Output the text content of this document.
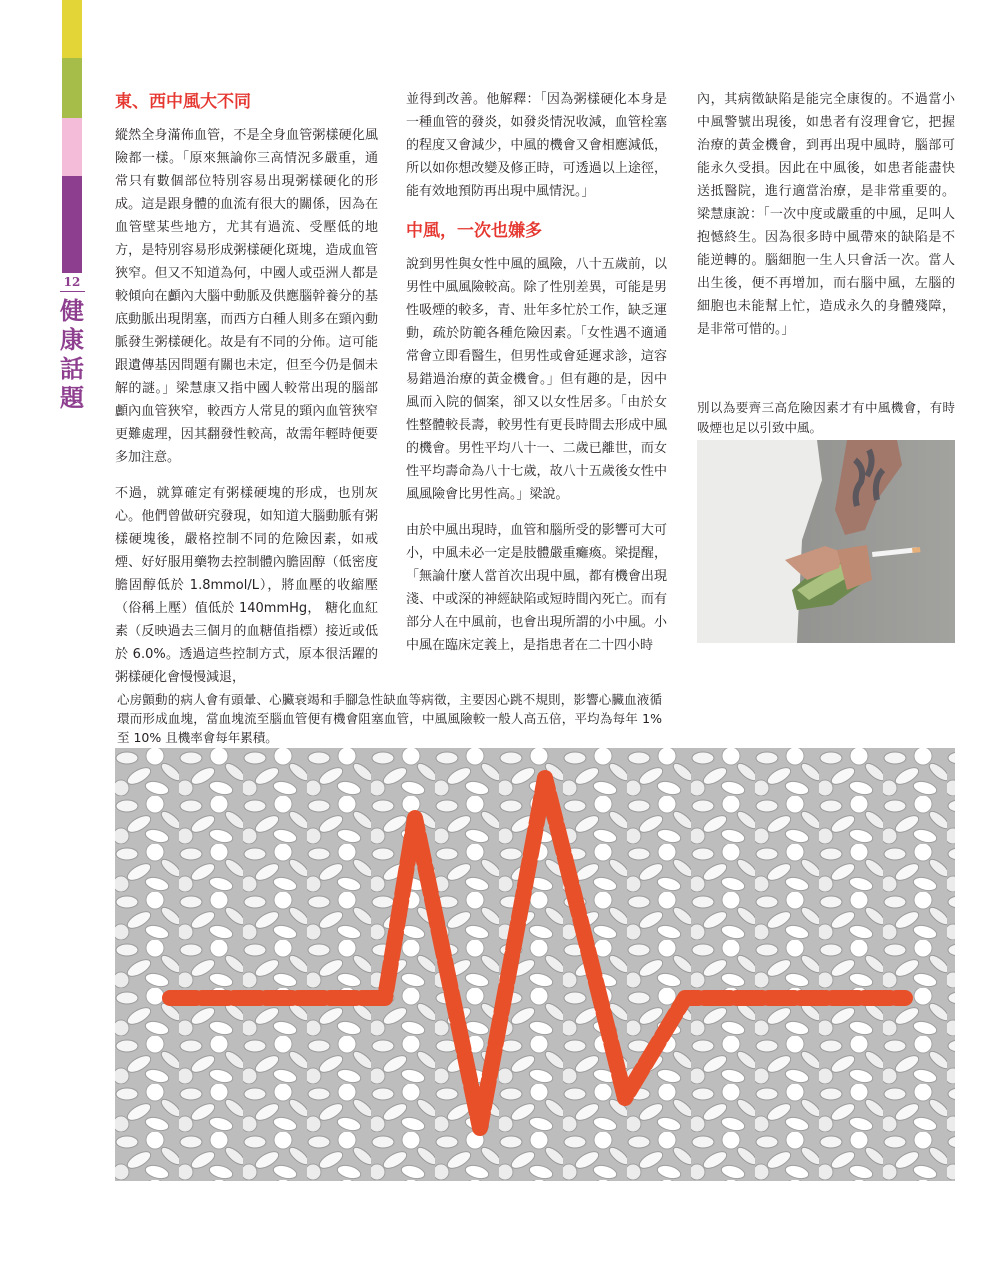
12
健康話題
東、西中風大不同

縱然全身滿佈血管，不是全身血管粥樣硬化風險都一樣。「原來無論你三高情況多嚴重，通常只有數個部位特別容易出現粥樣硬化的形成。這是跟身體的血流有很大的關係，因為在血管壁某些地方，尤其有過流、受壓低的地方，是特別容易形成粥樣硬化斑塊，造成血管狹窄。但又不知道為何，中國人或亞洲人都是較傾向在顱內大腦中動脈及供應腦幹養分的基底動脈出現閉塞，而西方白種人則多在頸內動脈發生粥樣硬化。故是有不同的分佈。這可能跟遺傳基因問題有關也未定，但至今仍是個未解的謎。」梁慧康又指中國人較常出現的腦部顱內血管狹窄，較西方人常見的頸內血管狹窄更難處理，因其翻發性較高，故需年輕時便要多加注意。

不過，就算確定有粥樣硬塊的形成，也別灰心。他們曾做研究發現，如知道大腦動脈有粥樣硬塊後，嚴格控制不同的危險因素，如戒煙、好好服用藥物去控制體內膽固醇（低密度膽固醇低於 1.8mmol/L），將血壓的收縮壓（俗稱上壓）值低於 140mmHg， 糖化血紅素（反映過去三個月的血糖值指標）接近或低於 6.0%。透過這些控制方式，原本很活躍的粥樣硬化會慢慢減退，

並得到改善。他解釋：「因為粥樣硬化本身是一種血管的發炎，如發炎情況收減，血管栓塞的程度又會減少，中風的機會又會相應減低，所以如你想改變及修正時，可透過以上途徑，能有效地預防再出現中風情況。」

中風，一次也嫌多

說到男性與女性中風的風險，八十五歲前，以男性中風風險較高。除了性別差異，可能是男性吸煙的較多，青、壯年多忙於工作，缺乏運動，疏於防範各種危險因素。「女性遇不適通常會立即看醫生，但男性或會延遲求診，這容易錯過治療的黃金機會。」但有趣的是，因中風而入院的個案，卻又以女性居多。「由於女性整體較長壽，較男性有更長時間去形成中風的機會。男性平均八十一、二歲已離世，而女性平均壽命為八十七歲，故八十五歲後女性中風風險會比男性高。」梁說。

由於中風出現時，血管和腦所受的影響可大可小，中風未必一定是肢體嚴重癱瘓。梁提醒，「無論什麼人當首次出現中風，都有機會出現淺、中或深的神經缺陷或短時間內死亡。而有部分人在中風前，也會出現所謂的小中風。小中風在臨床定義上，是指患者在二十四小時

內，其病徵缺陷是能完全康復的。不過當小中風警號出現後，如患者有沒理會它，把握治療的黃金機會，到再出現中風時，腦部可能永久受損。因此在中風後，如患者能盡快送抵醫院，進行適當治療，是非常重要的。梁慧康說：「一次中度或嚴重的中風，足叫人抱憾終生。因為很多時中風帶來的缺陷是不能逆轉的。腦細胞一生人只會活一次。當人出生後，便不再增加，而右腦中風，左腦的細胞也未能幫上忙，造成永久的身體殘障，是非常可惜的。」

別以為要齊三高危險因素才有中風機會，有時吸煙也足以引致中風。

心房顫動的病人會有頭暈、心臟衰竭和手腳急性缺血等病徵，主要因心跳不規則，影響心臟血液循環而形成血塊，當血塊流至腦血管便有機會阻塞血管，中風風險較一般人高五倍，平均為每年 1% 至 10% 且機率會每年累積。
